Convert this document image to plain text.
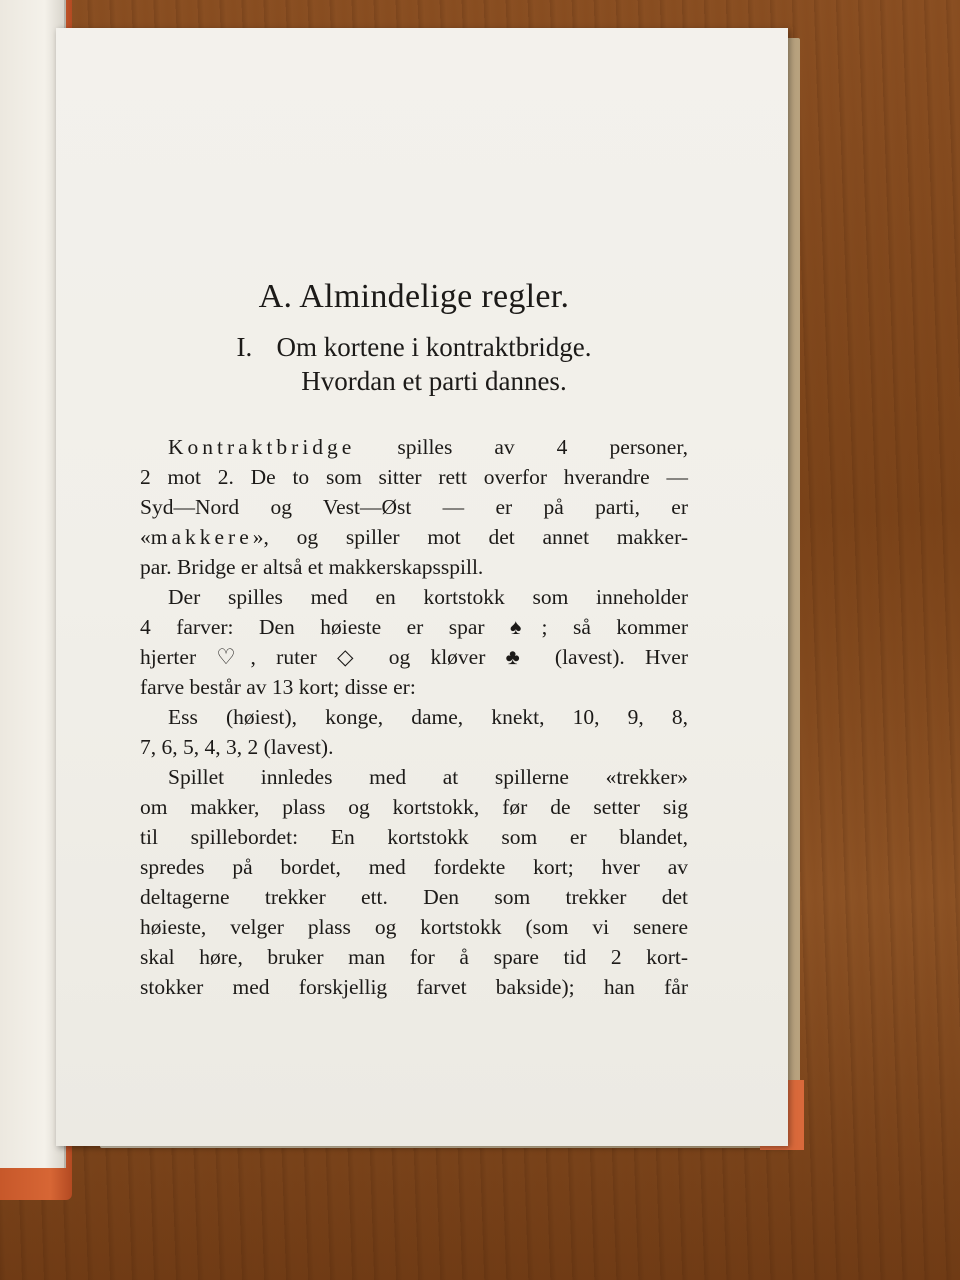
A. Almindelige regler.
I. Om kortene i kontraktbridge.
Hvordan et parti dannes.
Kontraktbridge spilles av 4 personer,
2 mot 2. De to som sitter rett overfor hverandre —
Syd—Nord og Vest—Øst — er på parti, er
«makkere», og spiller mot det annet makker-
par. Bridge er altså et makkerskapsspill.
Der spilles med en kortstokk som inneholder
4 farver: Den høieste er spar ♠; så kommer
hjerter ♡, ruter ◇ og kløver ♣ (lavest). Hver
farve består av 13 kort; disse er:
Ess (høiest), konge, dame, knekt, 10, 9, 8,
7, 6, 5, 4, 3, 2 (lavest).
Spillet innledes med at spillerne «trekker»
om makker, plass og kortstokk, før de setter sig
til spillebordet: En kortstokk som er blandet,
spredes på bordet, med fordekte kort; hver av
deltagerne trekker ett. Den som trekker det
høieste, velger plass og kortstokk (som vi senere
skal høre, bruker man for å spare tid 2 kort-
stokker med forskjellig farvet bakside); han får
